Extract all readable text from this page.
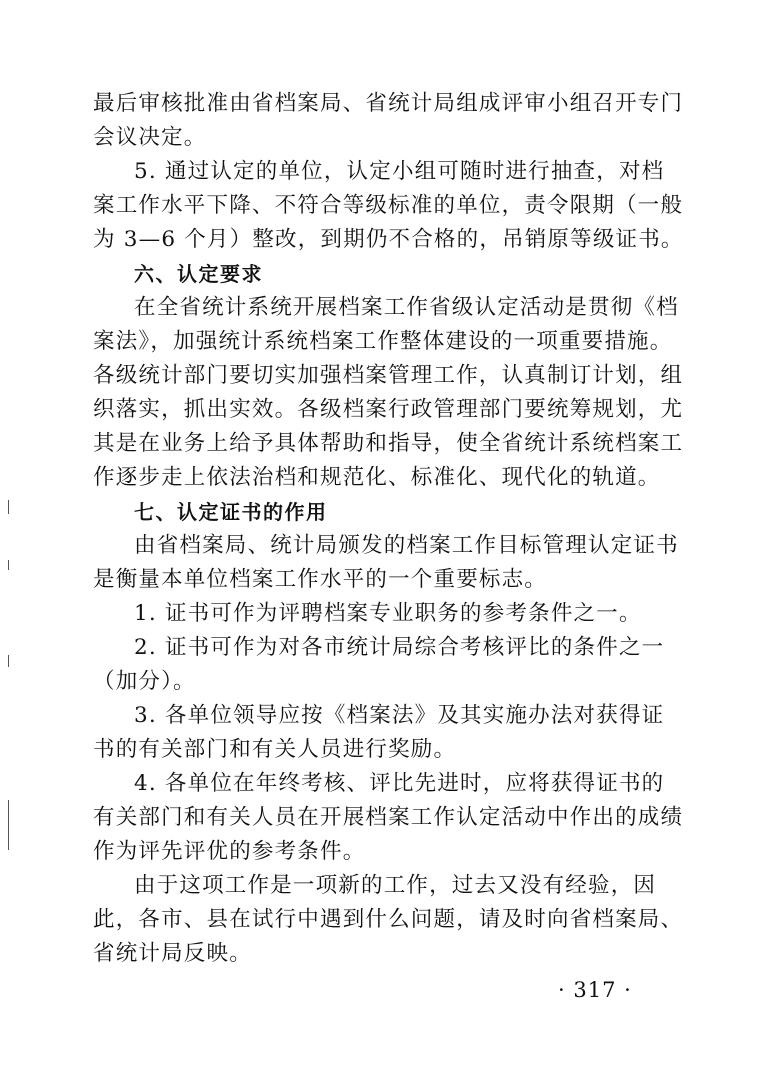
最后审核批准由省档案局、省统计局组成评审小组召开专门
会议决定。
5. 通过认定的单位，认定小组可随时进行抽查，对档
案工作水平下降、不符合等级标准的单位，责令限期（一般
为 3—6 个月）整改，到期仍不合格的，吊销原等级证书。
六、认定要求
在全省统计系统开展档案工作省级认定活动是贯彻《档
案法》，加强统计系统档案工作整体建设的一项重要措施。
各级统计部门要切实加强档案管理工作，认真制订计划，组
织落实，抓出实效。各级档案行政管理部门要统筹规划，尤
其是在业务上给予具体帮助和指导，使全省统计系统档案工
作逐步走上依法治档和规范化、标准化、现代化的轨道。
七、认定证书的作用
由省档案局、统计局颁发的档案工作目标管理认定证书
是衡量本单位档案工作水平的一个重要标志。
1. 证书可作为评聘档案专业职务的参考条件之一。
2. 证书可作为对各市统计局综合考核评比的条件之一
（加分）。
3. 各单位领导应按《档案法》及其实施办法对获得证
书的有关部门和有关人员进行奖励。
4. 各单位在年终考核、评比先进时，应将获得证书的
有关部门和有关人员在开展档案工作认定活动中作出的成绩
作为评先评优的参考条件。
由于这项工作是一项新的工作，过去又没有经验，因
此，各市、县在试行中遇到什么问题，请及时向省档案局、
省统计局反映。
· 317 ·
